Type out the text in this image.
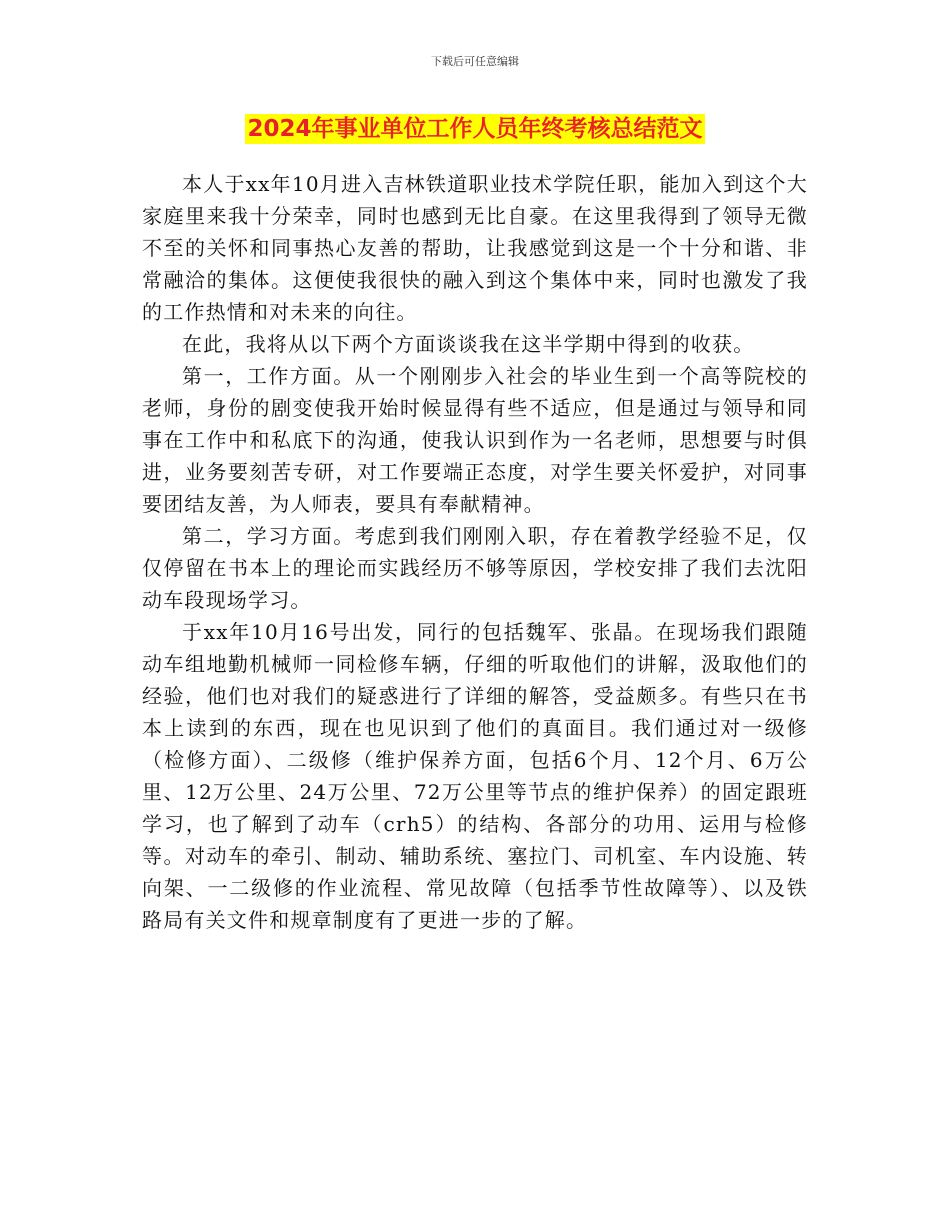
下载后可任意编辑
2024年事业单位工作人员年终考核总结范文

本人于xx年10月进入吉林铁道职业技术学院任职，能加入到这个大家庭里来我十分荣幸，同时也感到无比自豪。在这里我得到了领导无微不至的关怀和同事热心友善的帮助，让我感觉到这是一个十分和谐、非常融洽的集体。这便使我很快的融入到这个集体中来，同时也激发了我的工作热情和对未来的向往。

在此，我将从以下两个方面谈谈我在这半学期中得到的收获。

第一，工作方面。从一个刚刚步入社会的毕业生到一个高等院校的老师，身份的剧变使我开始时候显得有些不适应，但是通过与领导和同事在工作中和私底下的沟通，使我认识到作为一名老师，思想要与时俱进，业务要刻苦专研，对工作要端正态度，对学生要关怀爱护，对同事要团结友善，为人师表，要具有奉献精神。

第二，学习方面。考虑到我们刚刚入职，存在着教学经验不足，仅仅停留在书本上的理论而实践经历不够等原因，学校安排了我们去沈阳动车段现场学习。

于xx年10月16号出发，同行的包括魏军、张晶。在现场我们跟随动车组地勤机械师一同检修车辆，仔细的听取他们的讲解，汲取他们的经验，他们也对我们的疑惑进行了详细的解答，受益颇多。有些只在书本上读到的东西，现在也见识到了他们的真面目。我们通过对一级修（检修方面）、二级修（维护保养方面，包括6个月、12个月、6万公里、12万公里、24万公里、72万公里等节点的维护保养）的固定跟班学习，也了解到了动车（crh5）的结构、各部分的功用、运用与检修等。对动车的牵引、制动、辅助系统、塞拉门、司机室、车内设施、转向架、一二级修的作业流程、常见故障（包括季节性故障等）、以及铁路局有关文件和规章制度有了更进一步的了解。
